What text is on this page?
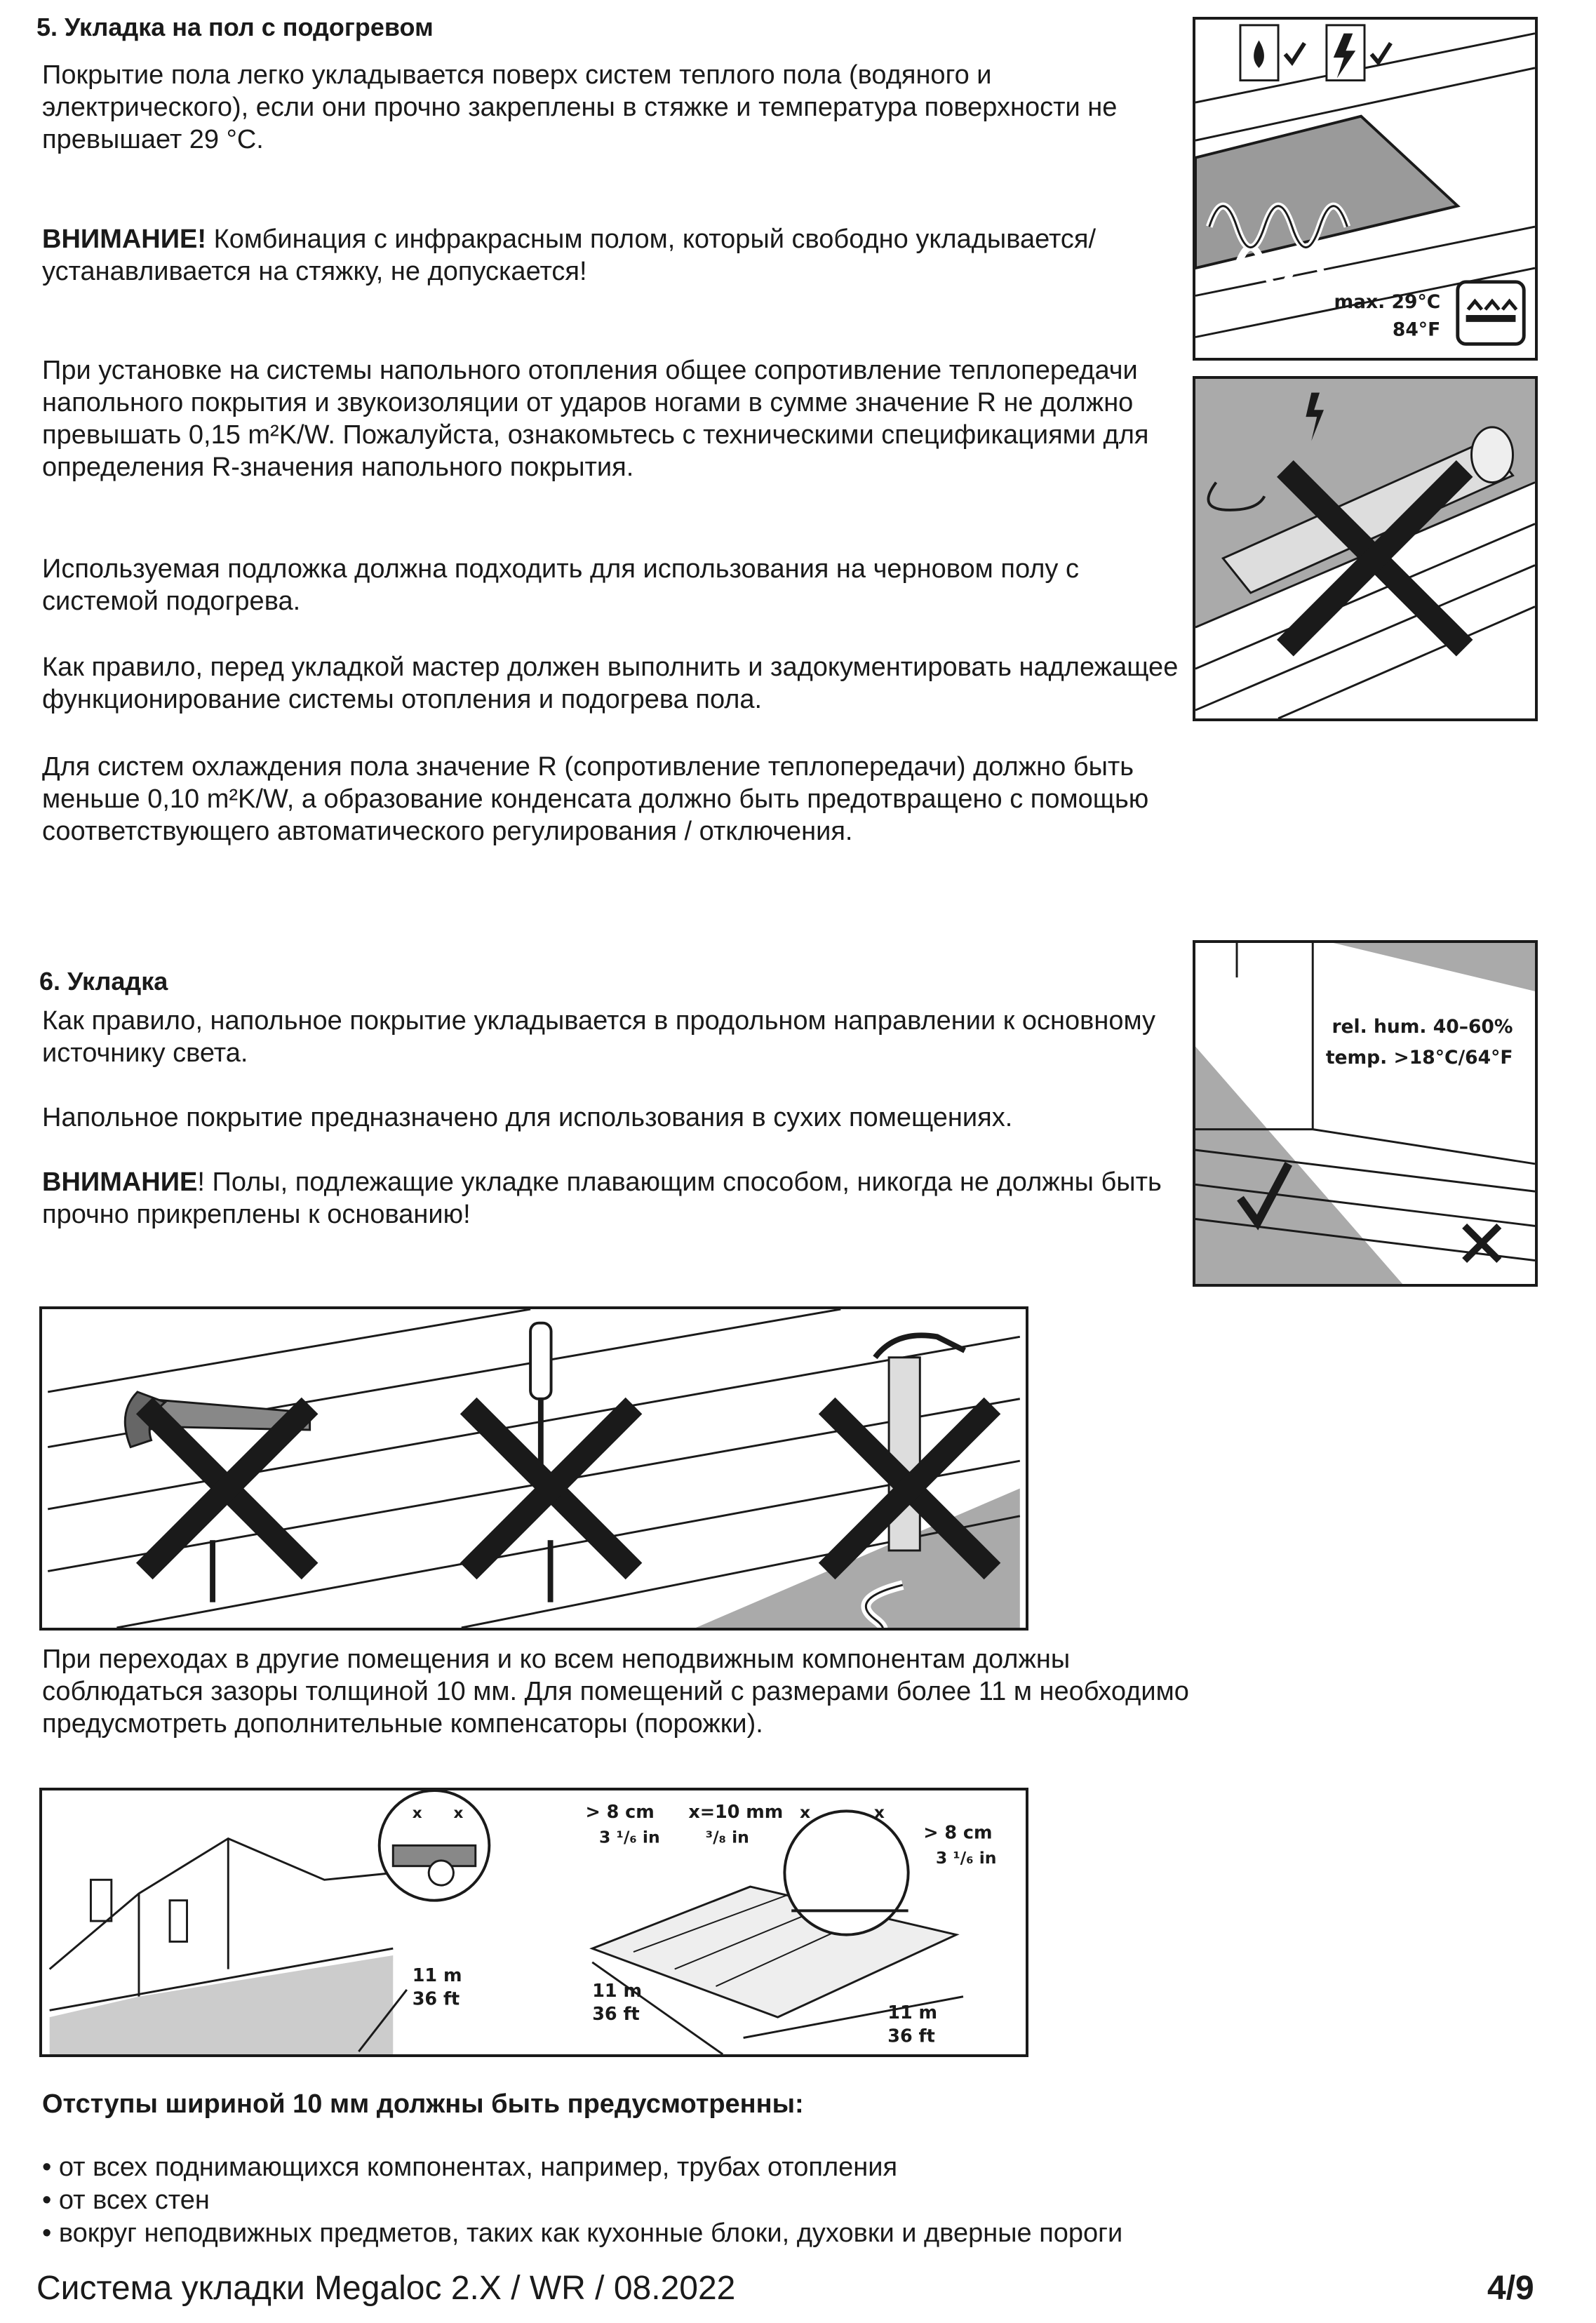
5. Укладка на пол с подогревом

Покрытие пола легко укладывается поверх систем теплого пола (водяного и электрического), если они прочно закреплены в стяжке и температура поверхности не превышает 29 °C.

ВНИМАНИЕ! Комбинация с инфракрасным полом, который свободно укладывается/ устанавливается на стяжку, не допускается!

При установке на системы напольного отопления общее сопротивление теплопередачи напольного покрытия и звукоизоляции от ударов ногами в сумме значение R не должно превышать 0,15 m²K/W. Пожалуйста, ознакомьтесь с техническими спецификациями для определения R-значения напольного покрытия.

Используемая подложка должна подходить для использования на черновом полу с системой подогрева.

Как правило, перед укладкой мастер должен выполнить и задокументировать надлежащее функционирование системы отопления и подогрева пола.

Для систем охлаждения пола значение R (сопротивление теплопередачи) должно быть меньше 0,10 m²K/W, а образование конденсата должно быть предотвращено с помощью соответствующего автоматического регулирования / отключения.

max. 29°C
84°F
6. Укладка

Как правило, напольное покрытие укладывается в продольном направлении к основному источнику света.

Напольное покрытие предназначено для использования в сухих помещениях.

ВНИМАНИЕ! Полы, подлежащие укладке плавающим способом, никогда не должны быть прочно прикреплены к основанию!

rel. hum. 40–60%
temp. >18°C/64°F

При переходах в другие помещения и ко всем неподвижным компонентам должны соблюдаться зазоры толщиной 10 мм. Для помещений с размерами более 11 м необходимо предусмотреть дополнительные компенсаторы (порожки).

x x	> 8 cm
3 ¹/₆ in
x=10 mm
³/₈ in
x	x
> 8 cm
3 ¹/₆ in
11 m
36 ft	11 m
36 ft	11 m
36 ft
Отступы шириной 10 мм должны быть предусмотренны:

• от всех поднимающихся компонентах, например, трубах отопления

• от всех стен

• вокруг неподвижных предметов, таких как кухонные блоки, духовки и дверные пороги

Система укладки Megaloc 2.X / WR / 08.2022	4/9
